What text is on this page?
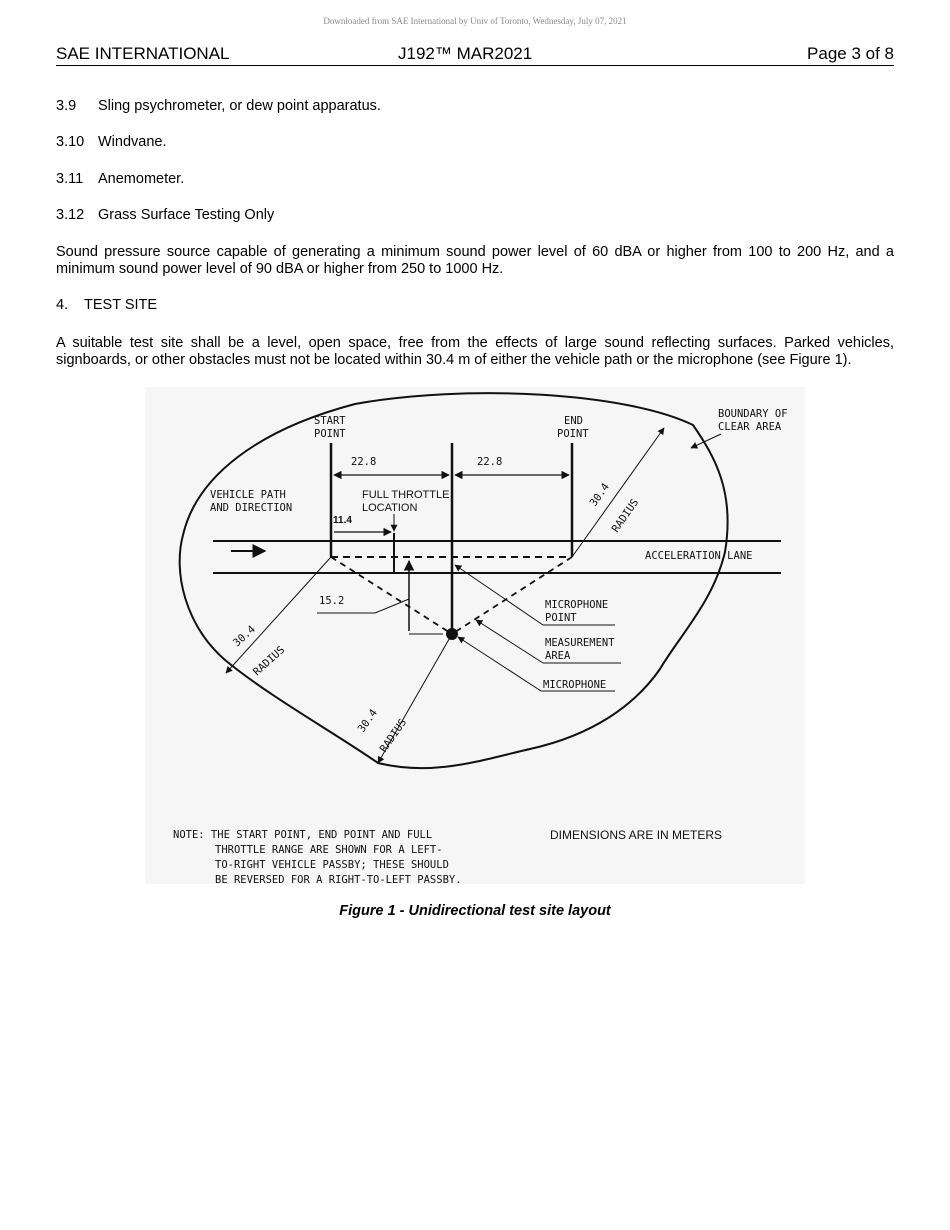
Downloaded from SAE International by Univ of Toronto, Wednesday, July 07, 2021
SAE INTERNATIONAL	J192™ MAR2021	Page 3 of 8
3.9 Sling psychrometer, or dew point apparatus.
3.10 Windvane.
3.11 Anemometer.
3.12 Grass Surface Testing Only
Sound pressure source capable of generating a minimum sound power level of 60 dBA or higher from 100 to 200 Hz, and a minimum sound power level of 90 dBA or higher from 250 to 1000 Hz.
4. TEST SITE
A suitable test site shall be a level, open space, free from the effects of large sound reflecting surfaces. Parked vehicles, signboards, or other obstacles must not be located within 30.4 m of either the vehicle path or the microphone (see Figure 1).
22.8	22.8
11.4
15.2
30.4
RADIUS
30.4
RADIUS
30.4
RADIUS
START
POINT
END
POINT
BOUNDARY OF
CLEAR AREA
VEHICLE PATH
AND DIRECTION
FULL THROTTLE
LOCATION
ACCELERATION LANE
MICROPHONE
POINT
MEASUREMENT
AREA
MICROPHONE
NOTE: THE START POINT, END POINT AND FULL
THROTTLE RANGE ARE SHOWN FOR A LEFT-
TO-RIGHT VEHICLE PASSBY; THESE SHOULD
BE REVERSED FOR A RIGHT-TO-LEFT PASSBY.
DIMENSIONS ARE IN METERS
Figure 1 - Unidirectional test site layout
